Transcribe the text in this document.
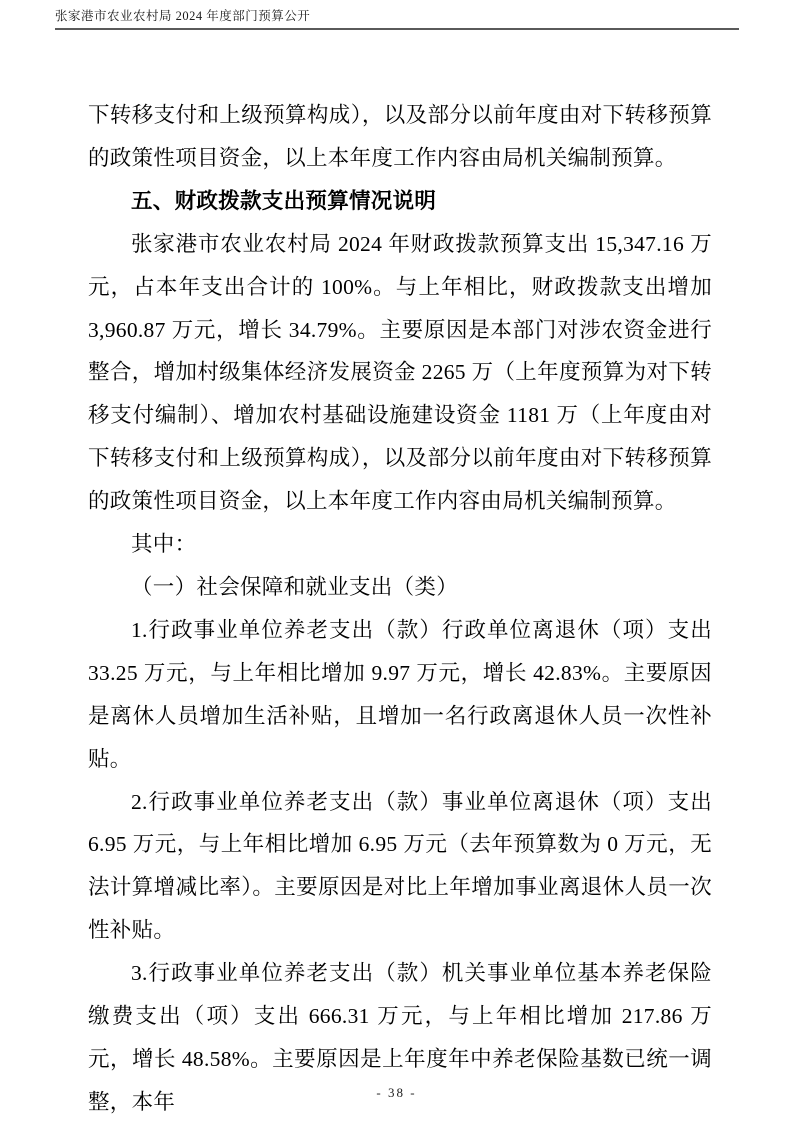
张家港市农业农村局 2024 年度部门预算公开

下转移支付和上级预算构成），以及部分以前年度由对下转移预算的政策性项目资金，以上本年度工作内容由局机关编制预算。

五、财政拨款支出预算情况说明

张家港市农业农村局 2024 年财政拨款预算支出 15,347.16 万元，占本年支出合计的 100%。与上年相比，财政拨款支出增加 3,960.87 万元，增长 34.79%。主要原因是本部门对涉农资金进行整合，增加村级集体经济发展资金 2265 万（上年度预算为对下转移支付编制）、增加农村基础设施建设资金 1181 万（上年度由对下转移支付和上级预算构成），以及部分以前年度由对下转移预算的政策性项目资金，以上本年度工作内容由局机关编制预算。

其中：

（一）社会保障和就业支出（类）

1.行政事业单位养老支出（款）行政单位离退休（项）支出 33.25 万元，与上年相比增加 9.97 万元，增长 42.83%。主要原因是离休人员增加生活补贴，且增加一名行政离退休人员一次性补贴。

2.行政事业单位养老支出（款）事业单位离退休（项）支出 6.95 万元，与上年相比增加 6.95 万元（去年预算数为 0 万元，无法计算增减比率）。主要原因是对比上年增加事业离退休人员一次性补贴。

3.行政事业单位养老支出（款）机关事业单位基本养老保险缴费支出（项）支出 666.31 万元，与上年相比增加 217.86 万元，增长 48.58%。主要原因是上年度年中养老保险基数已统一调整，本年	- 38 -
